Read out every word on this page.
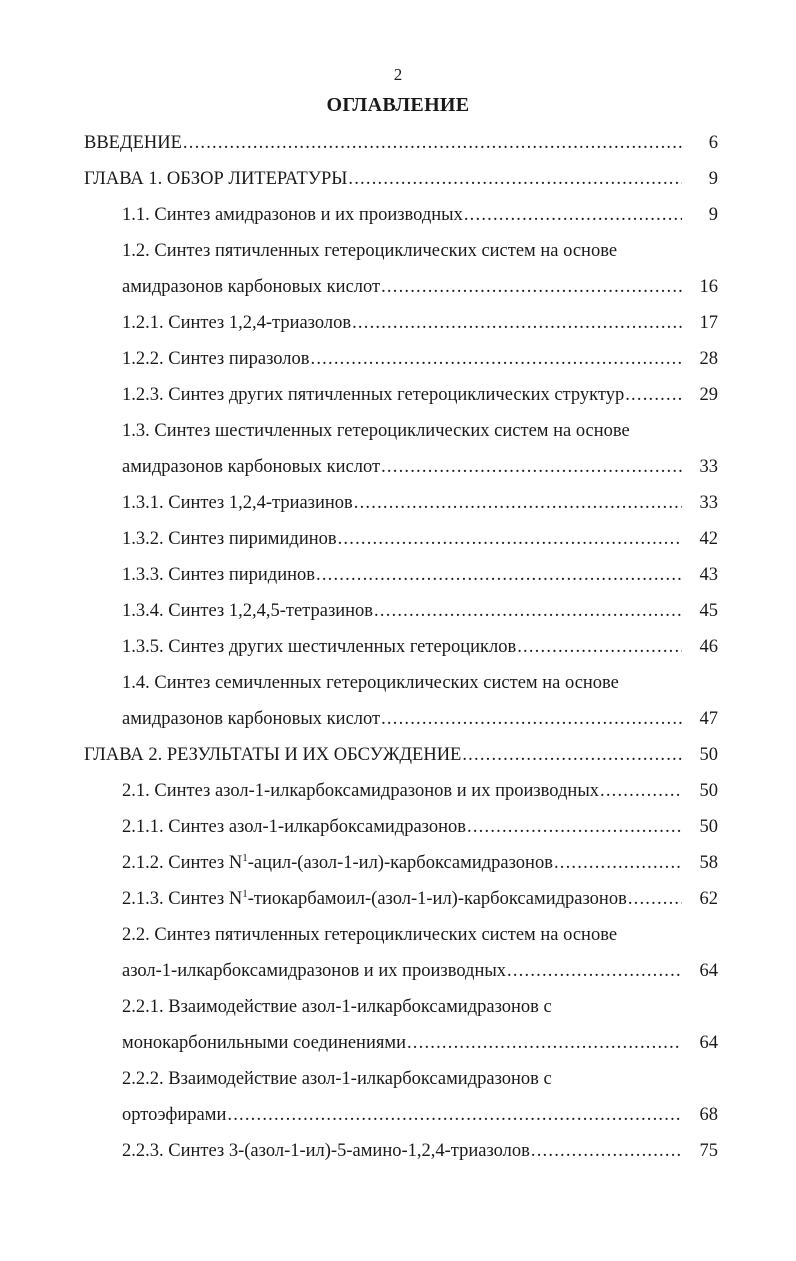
2
ОГЛАВЛЕНИЕ
ВВЕДЕНИЕ .....	6
ГЛАВА 1. ОБЗОР ЛИТЕРАТУРЫ .....	9
1.1. Синтез амидразонов и их производных .....	9
1.2. Синтез пятичленных гетероциклических систем на основе
амидразонов карбоновых кислот .....	16
1.2.1. Синтез 1,2,4-триазолов .....	17
1.2.2. Синтез пиразолов .....	28
1.2.3. Синтез других пятичленных гетероциклических структур .....	29
1.3. Синтез шестичленных гетероциклических систем на основе
амидразонов карбоновых кислот .....	33
1.3.1. Синтез 1,2,4-триазинов .....	33
1.3.2. Синтез пиримидинов .....	42
1.3.3. Синтез пиридинов .....	43
1.3.4. Синтез 1,2,4,5-тетразинов .....	45
1.3.5. Синтез других шестичленных гетероциклов .....	46
1.4. Синтез семичленных гетероциклических систем на основе
амидразонов карбоновых кислот .....	47
ГЛАВА 2. РЕЗУЛЬТАТЫ И ИХ ОБСУЖДЕНИЕ .....	50
2.1. Синтез азол-1-илкарбоксамидразонов и их производных .....	50
2.1.1. Синтез азол-1-илкарбоксамидразонов .....	50
2.1.2. Синтез $N^1-ацил-(азол-1-ил)$-карбоксамидразонов .....	58
2.1.3. Синтез $N^1-тиокарбамоил-(азол-1-ил)$-карбоксамидразонов .....	62
2.2. Синтез пятичленных гетероциклических систем на основе
азол-1-илкарбоксамидразонов и их производных .....	64
2.2.1. Взаимодействие азол-1-илкарбоксамидразонов с
монокарбонильными соединениями .....	64
2.2.2. Взаимодействие азол-1-илкарбоксамидразонов с
ортоэфирами .....	68
2.2.3. Синтез 3-(азол-1-ил)-5-амино-1,2,4-триазолов .....	75
